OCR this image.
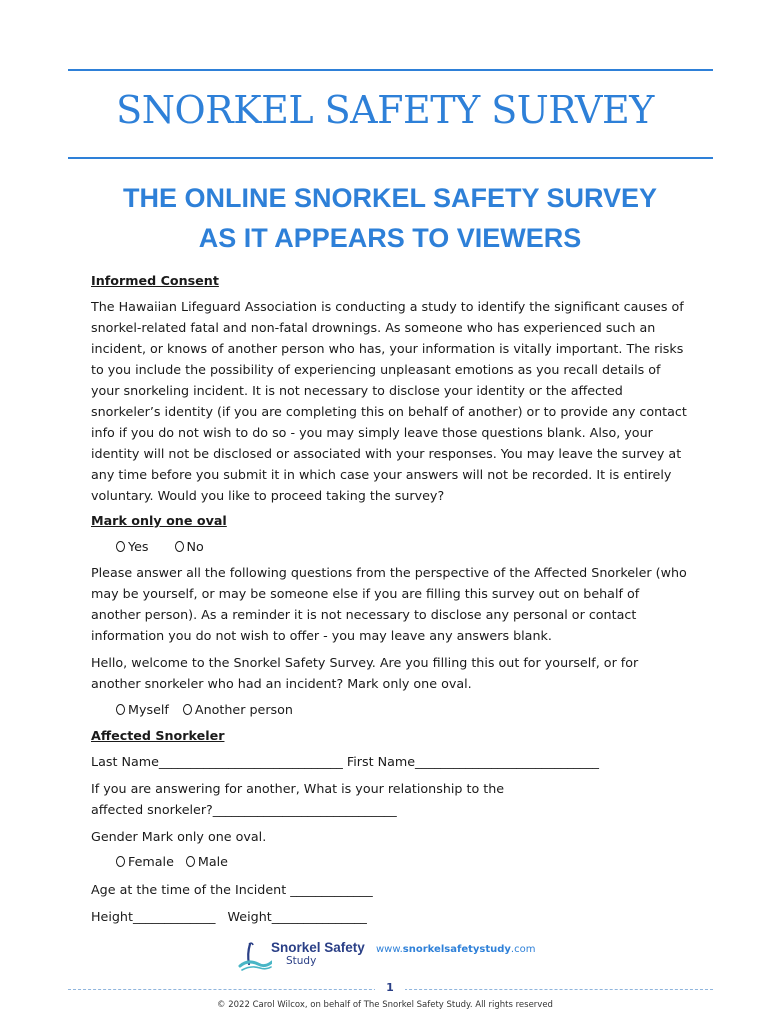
SNORKEL SAFETY SURVEY
THE ONLINE SNORKEL SAFETY SURVEY
AS IT APPEARS TO VIEWERS

Informed Consent

The Hawaiian Lifeguard Association is conducting a study to identify the significant causes of snorkel-related fatal and non-fatal drownings. As someone who has experienced such an incident, or knows of another person who has, your information is vitally important. The risks to you include the possibility of experiencing unpleasant emotions as you recall details of your snorkeling incident. It is not necessary to disclose your identity or the affected snorkeler’s identity (if you are completing this on behalf of another) or to provide any contact info if you do not wish to do so - you may simply leave those questions blank. Also, your identity will not be disclosed or associated with your responses. You may leave the survey at any time before you submit it in which case your answers will not be recorded. It is entirely voluntary. Would you like to proceed taking the survey?

Mark only one oval

Yes	No

Please answer all the following questions from the perspective of the Affected Snorkeler (who may be yourself, or may be someone else if you are filling this survey out on behalf of another person). As a reminder it is not necessary to disclose any personal or contact information you do not wish to offer - you may leave any answers blank.

Hello, welcome to the Snorkel Safety Survey. Are you filling this out for yourself, or for another snorkeler who had an incident? Mark only one oval.

Myself Another person

Affected Snorkeler

Last Name_____________________________ First Name_____________________________

If you are answering for another, What is your relationship to the affected snorkeler?_____________________________

Gender Mark only one oval.

Female Male

Age at the time of the Incident _____________

Height_____________   Weight_______________

Snorkel Safety
Study
www.snorkelsafetystudy.com
1
© 2022 Carol Wilcox, on behalf of The Snorkel Safety Study. All rights reserved
